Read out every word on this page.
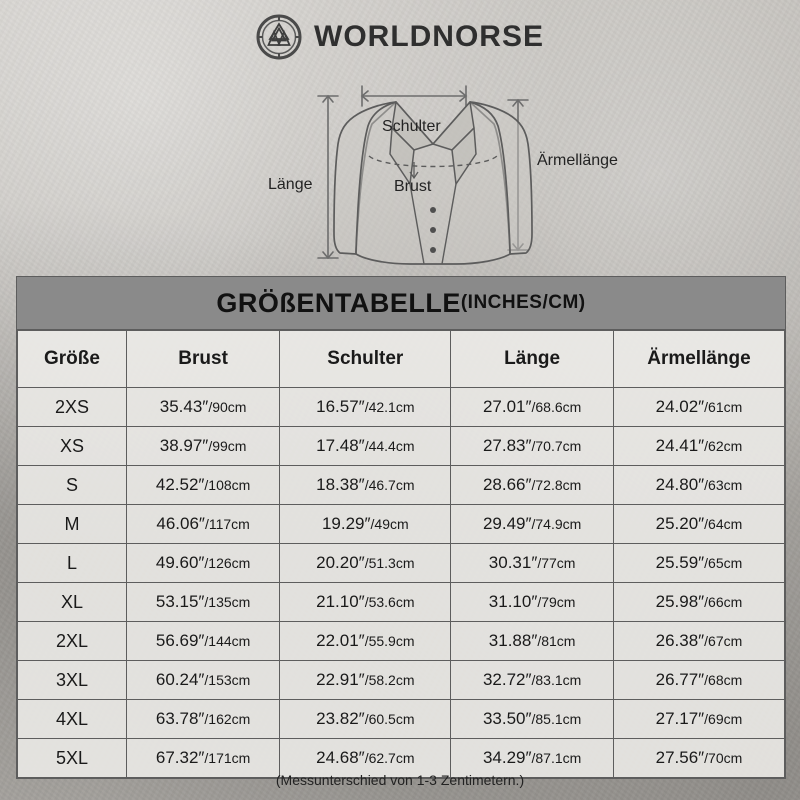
WORLDNORSE
Schulter
Länge	Brust
Ärmellänge
GRÖßENTABELLE (INCHES/CM)
Größe	Brust	Schulter	Länge	Ärmellänge
2XS	35.43″/90cm	16.57″/42.1cm	27.01″/68.6cm	24.02″/61cm
XS	38.97″/99cm	17.48″/44.4cm	27.83″/70.7cm	24.41″/62cm
S	42.52″/108cm	18.38″/46.7cm	28.66″/72.8cm	24.80″/63cm
M	46.06″/117cm	19.29″/49cm	29.49″/74.9cm	25.20″/64cm
L	49.60″/126cm	20.20″/51.3cm	30.31″/77cm	25.59″/65cm
XL	53.15″/135cm	21.10″/53.6cm	31.10″/79cm	25.98″/66cm
2XL	56.69″/144cm	22.01″/55.9cm	31.88″/81cm	26.38″/67cm
3XL	60.24″/153cm	22.91″/58.2cm	32.72″/83.1cm	26.77″/68cm
4XL	63.78″/162cm	23.82″/60.5cm	33.50″/85.1cm	27.17″/69cm
5XL	67.32″/171cm	24.68″/62.7cm	34.29″/87.1cm	27.56″/70cm
(Messunterschied von 1-3 Zentimetern.)
